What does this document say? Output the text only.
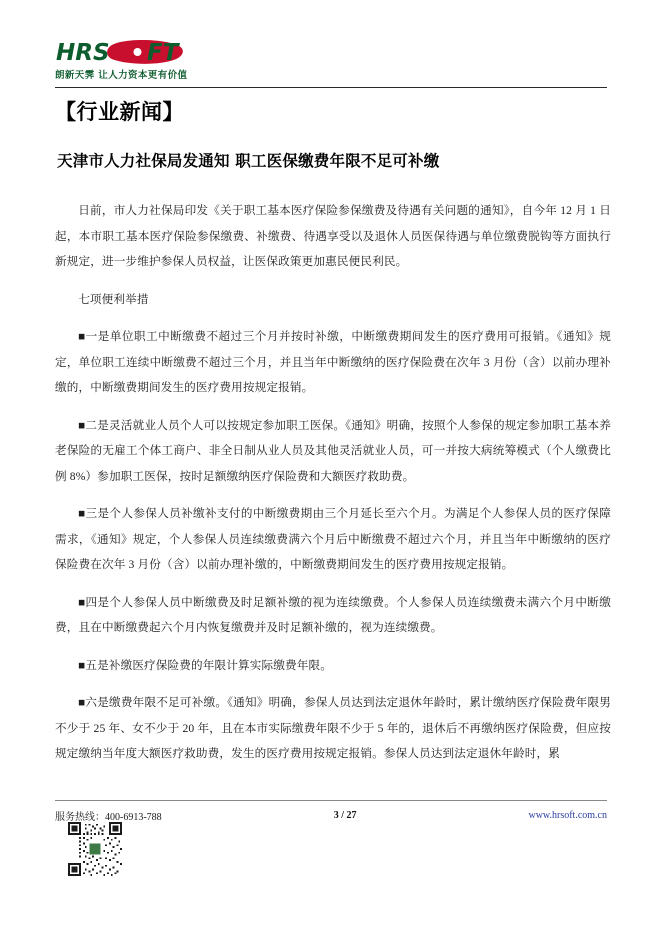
HRS FT
朗新天霁 让人力资本更有价值
【行业新闻】
天津市人力社保局发通知 职工医保缴费年限不足可补缴

日前，市人力社保局印发《关于职工基本医疗保险参保缴费及待遇有关问题的通知》，自今年 12 月 1 日起，本市职工基本医疗保险参保缴费、补缴费、待遇享受以及退休人员医保待遇与单位缴费脱钩等方面执行新规定，进一步维护参保人员权益，让医保政策更加惠民便民利民。

七项便利举措

■一是单位职工中断缴费不超过三个月并按时补缴，中断缴费期间发生的医疗费用可报销。《通知》规定，单位职工连续中断缴费不超过三个月，并且当年中断缴纳的医疗保险费在次年 3 月份（含）以前办理补缴的，中断缴费期间发生的医疗费用按规定报销。

■二是灵活就业人员个人可以按规定参加职工医保。《通知》明确，按照个人参保的规定参加职工基本养老保险的无雇工个体工商户、非全日制从业人员及其他灵活就业人员，可一并按大病统筹模式（个人缴费比例 8%）参加职工医保，按时足额缴纳医疗保险费和大额医疗救助费。

■三是个人参保人员补缴补支付的中断缴费期由三个月延长至六个月。为满足个人参保人员的医疗保障需求，《通知》规定，个人参保人员连续缴费满六个月后中断缴费不超过六个月，并且当年中断缴纳的医疗保险费在次年 3 月份（含）以前办理补缴的，中断缴费期间发生的医疗费用按规定报销。

■四是个人参保人员中断缴费及时足额补缴的视为连续缴费。个人参保人员连续缴费未满六个月中断缴费，且在中断缴费起六个月内恢复缴费并及时足额补缴的，视为连续缴费。

■五是补缴医疗保险费的年限计算实际缴费年限。

■六是缴费年限不足可补缴。《通知》明确，参保人员达到法定退休年龄时，累计缴纳医疗保险费年限男不少于 25 年、女不少于 20 年，且在本市实际缴费年限不少于 5 年的，退休后不再缴纳医疗保险费，但应按规定缴纳当年度大额医疗救助费，发生的医疗费用按规定报销。参保人员达到法定退休年龄时，累

服务热线：400-6913-788	3 / 27	www.hrsoft.com.cn
